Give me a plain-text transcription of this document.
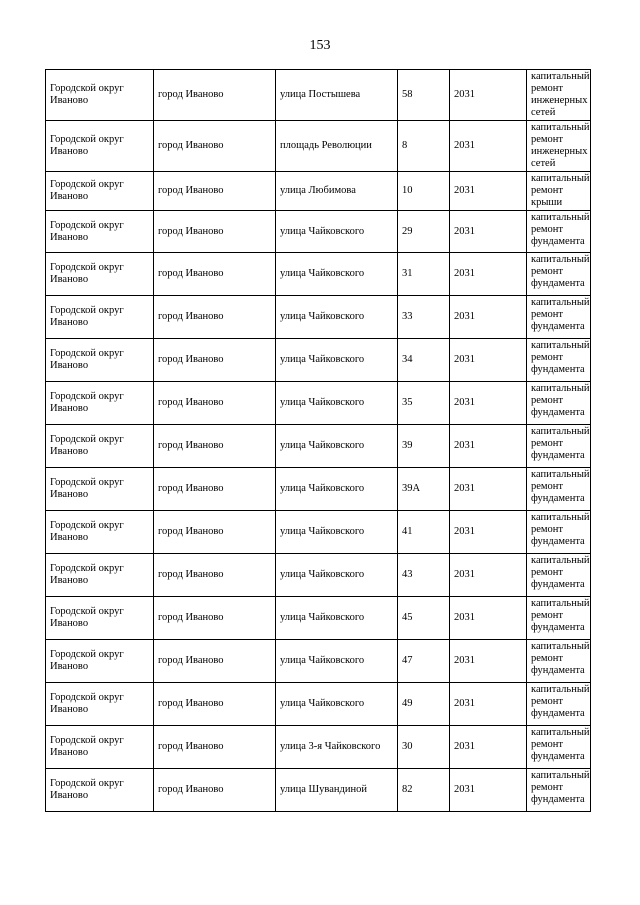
153
Городской округ Иваново	город Иваново	улица Постышева	58	2031	капитальный ремонт инженерных сетей
Городской округ Иваново	город Иваново	площадь Революции	8	2031	капитальный ремонт инженерных сетей
Городской округ Иваново	город Иваново	улица Любимова	10	2031	капитальный ремонт крыши
Городской округ Иваново	город Иваново	улица Чайковского	29	2031	капитальный ремонт фундамента
Городской округ Иваново	город Иваново	улица Чайковского	31	2031	капитальный ремонт фундамента
Городской округ Иваново	город Иваново	улица Чайковского	33	2031	капитальный ремонт фундамента
Городской округ Иваново	город Иваново	улица Чайковского	34	2031	капитальный ремонт фундамента
Городской округ Иваново	город Иваново	улица Чайковского	35	2031	капитальный ремонт фундамента
Городской округ Иваново	город Иваново	улица Чайковского	39	2031	капитальный ремонт фундамента
Городской округ Иваново	город Иваново	улица Чайковского	39А	2031	капитальный ремонт фундамента
Городской округ Иваново	город Иваново	улица Чайковского	41	2031	капитальный ремонт фундамента
Городской округ Иваново	город Иваново	улица Чайковского	43	2031	капитальный ремонт фундамента
Городской округ Иваново	город Иваново	улица Чайковского	45	2031	капитальный ремонт фундамента
Городской округ Иваново	город Иваново	улица Чайковского	47	2031	капитальный ремонт фундамента
Городской округ Иваново	город Иваново	улица Чайковского	49	2031	капитальный ремонт фундамента
Городской округ Иваново	город Иваново	улица 3-я Чайковского	30	2031	капитальный ремонт фундамента
Городской округ Иваново	город Иваново	улица Шувандиной	82	2031	капитальный ремонт фундамента
